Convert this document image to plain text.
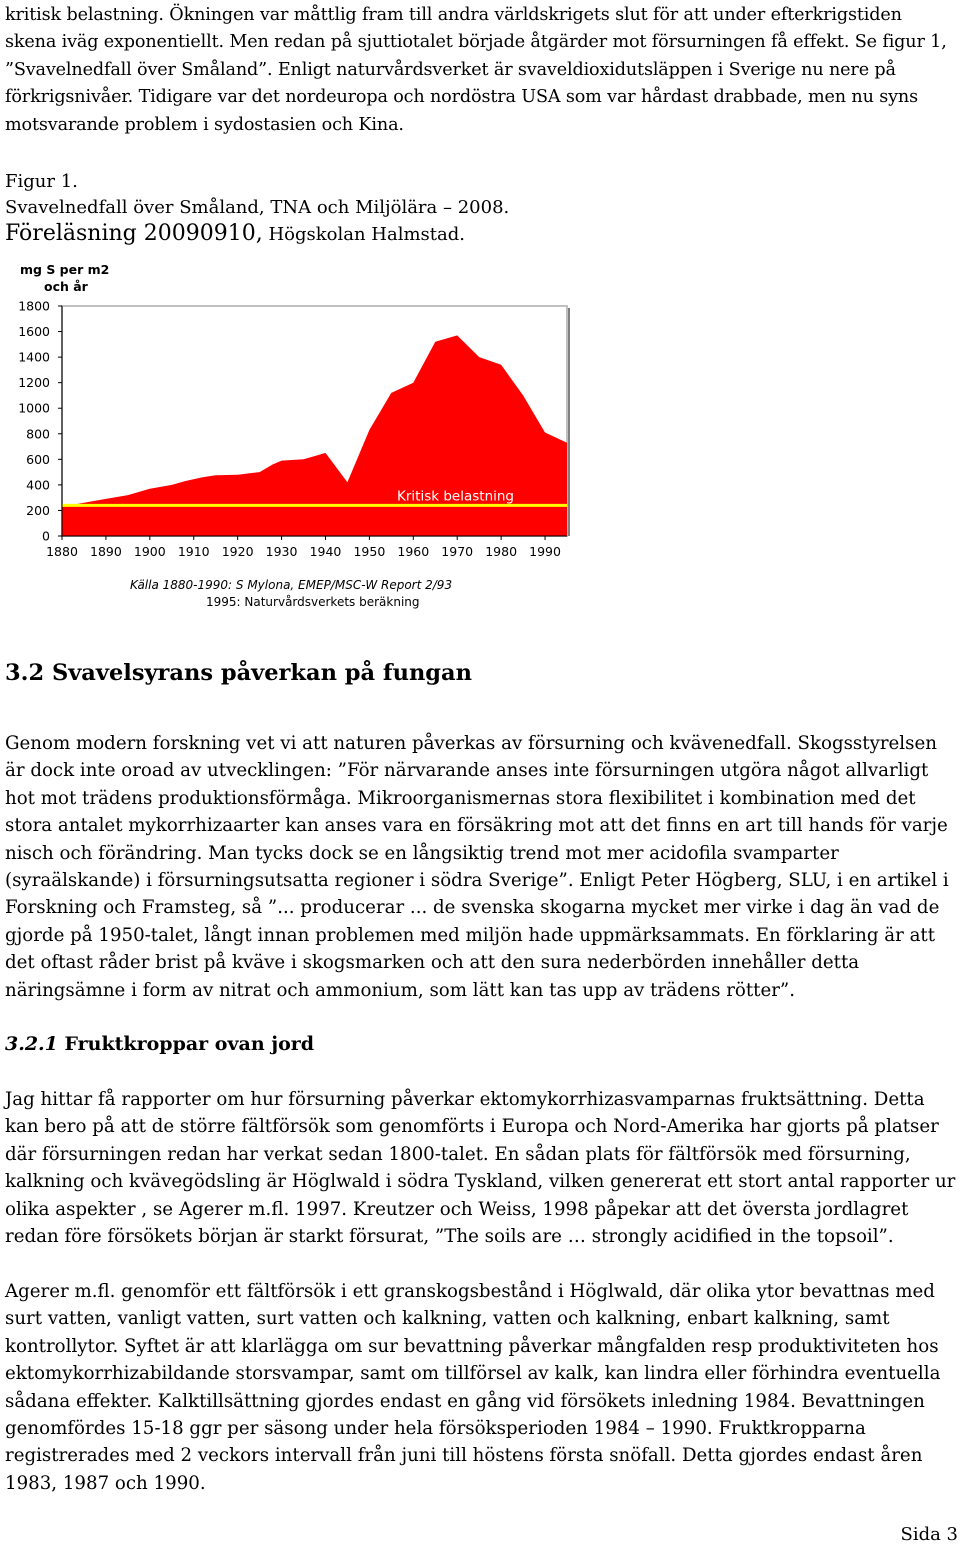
kritisk belastning. Ökningen var måttlig fram till andra världskrigets slut för att under efterkrigstiden skena iväg exponentiellt. Men redan på sjuttiotalet började åtgärder mot försurningen få effekt. Se figur 1, ”Svavelnedfall över Småland”. Enligt naturvårdsverket är svaveldioxidutsläppen i Sverige nu nere på förkrigsnivåer. Tidigare var det nordeuropa och nordöstra USA som var hårdast drabbade, men nu syns motsvarande problem i sydostasien och Kina.

Figur 1.

Svavelnedfall över Småland, TNA och Miljölära – 2008.

Föreläsning 20090910, Högskolan Halmstad.

mg S per m2
och år
Kritisk belastning
0
200
400
600
800
1000
1200
1400
1600
1800
1880 1890 1900 1910 1920 1930 1940 1950 1960 1970 1980 1990
Källa 1880-1990: S Mylona, EMEP/MSC-W Report 2/93
1995: Naturvårdsverkets beräkning
3.2 Svavelsyrans påverkan på fungan

Genom modern forskning vet vi att naturen påverkas av försurning och kvävenedfall. Skogsstyrelsen är dock inte oroad av utvecklingen: ”För närvarande anses inte försurningen utgöra något allvarligt hot mot trädens produktionsförmåga. Mikroorganismernas stora flexibilitet i kombination med det stora antalet mykorrhizaarter kan anses vara en försäkring mot att det finns en art till hands för varje nisch och förändring. Man tycks dock se en långsiktig trend mot mer acidofila svamparter (syraälskande) i försurningsutsatta regioner i södra Sverige”. Enligt Peter Högberg, SLU, i en artikel i Forskning och Framsteg, så ”... producerar ... de svenska skogarna mycket mer virke i dag än vad de gjorde på 1950-talet, långt innan problemen med miljön hade uppmärksammats. En förklaring är att det oftast råder brist på kväve i skogsmarken och att den sura nederbörden innehåller detta näringsämne i form av nitrat och ammonium, som lätt kan tas upp av trädens rötter”.

3.2.1 Fruktkroppar ovan jord

Jag hittar få rapporter om hur försurning påverkar ektomykorrhizasvamparnas fruktsättning. Detta kan bero på att de större fältförsök som genomförts i Europa och Nord-Amerika har gjorts på platser där försurningen redan har verkat sedan 1800-talet. En sådan plats för fältförsök med försurning, kalkning och kvävegödsling är Höglwald i södra Tyskland, vilken genererat ett stort antal rapporter ur olika aspekter , se Agerer m.fl. 1997. Kreutzer och Weiss, 1998 påpekar att det översta jordlagret redan före försökets början är starkt försurat, ”The soils are … strongly acidified in the topsoil”.

Agerer m.fl. genomför ett fältförsök i ett granskogsbestånd i Höglwald, där olika ytor bevattnas med surt vatten, vanligt vatten, surt vatten och kalkning, vatten och kalkning, enbart kalkning, samt kontrollytor. Syftet är att klarlägga om sur bevattning påverkar mångfalden resp produktiviteten hos ektomykorrhizabildande storsvampar, samt om tillförsel av kalk, kan lindra eller förhindra eventuella sådana effekter. Kalktillsättning gjordes endast en gång vid försökets inledning 1984. Bevattningen genomfördes 15-18 ggr per säsong under hela försöksperioden 1984 – 1990. Fruktkropparna registrerades med 2 veckors intervall från juni till höstens första snöfall. Detta gjordes endast åren 1983, 1987 och 1990.

Sida 3
